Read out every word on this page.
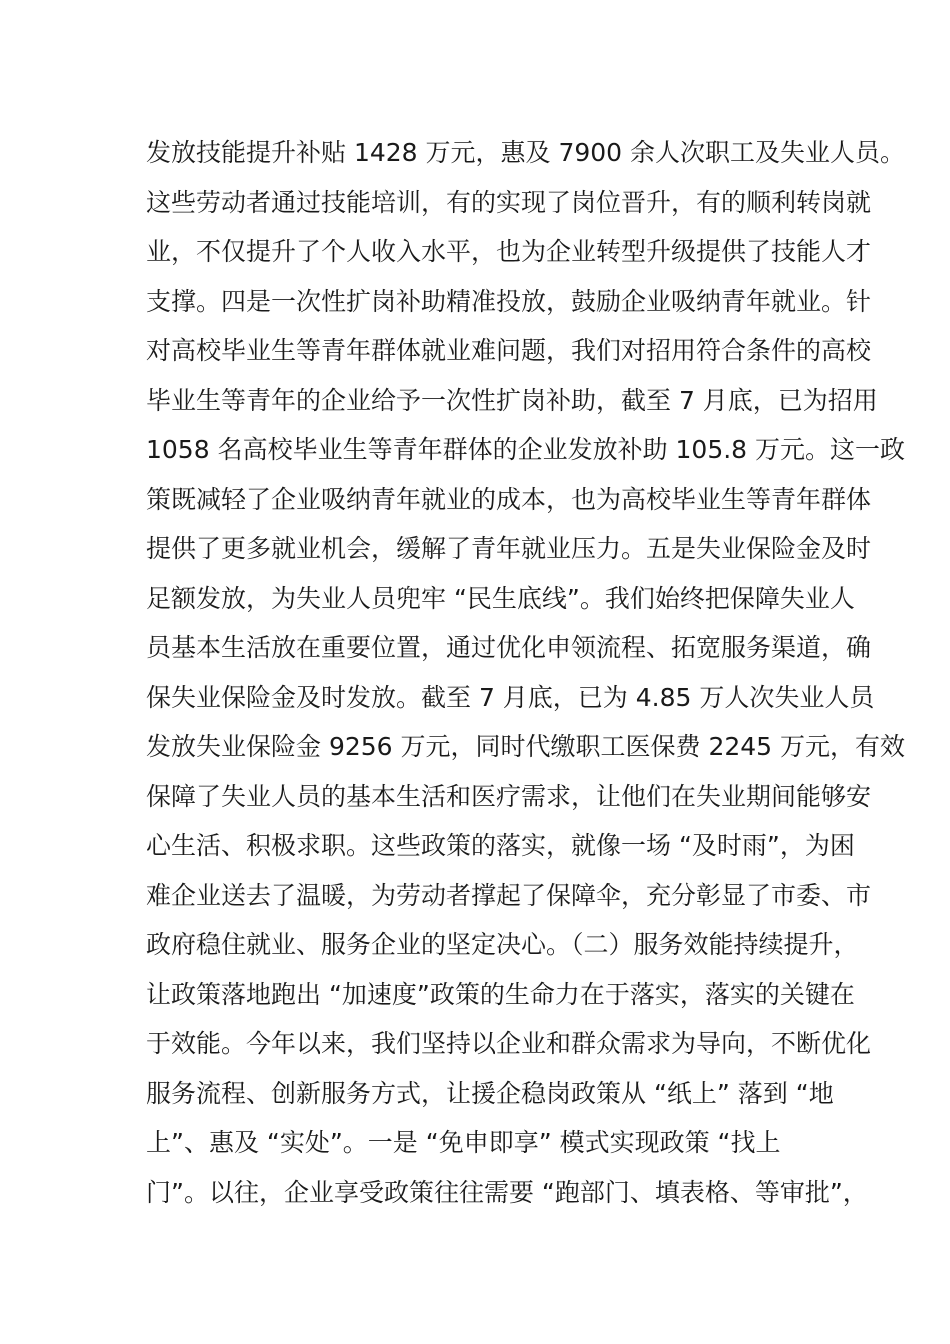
发放技能提升补贴 1428 万元，惠及 7900 余人次职工及失业人员。
这些劳动者通过技能培训，有的实现了岗位晋升，有的顺利转岗就
业，不仅提升了个人收入水平，也为企业转型升级提供了技能人才
支撑。四是一次性扩岗补助精准投放，鼓励企业吸纳青年就业。针
对高校毕业生等青年群体就业难问题，我们对招用符合条件的高校
毕业生等青年的企业给予一次性扩岗补助，截至 7 月底，已为招用
1058 名高校毕业生等青年群体的企业发放补助 105.8 万元。这一政
策既减轻了企业吸纳青年就业的成本，也为高校毕业生等青年群体
提供了更多就业机会，缓解了青年就业压力。五是失业保险金及时
足额发放，为失业人员兜牢 “民生底线”。我们始终把保障失业人
员基本生活放在重要位置，通过优化申领流程、拓宽服务渠道，确
保失业保险金及时发放。截至 7 月底，已为 4.85 万人次失业人员
发放失业保险金 9256 万元，同时代缴职工医保费 2245 万元，有效
保障了失业人员的基本生活和医疗需求，让他们在失业期间能够安
心生活、积极求职。这些政策的落实，就像一场 “及时雨”，为困
难企业送去了温暖，为劳动者撑起了保障伞，充分彰显了市委、市
政府稳住就业、服务企业的坚定决心。（二）服务效能持续提升，
让政策落地跑出 “加速度”政策的生命力在于落实，落实的关键在
于效能。今年以来，我们坚持以企业和群众需求为导向，不断优化
服务流程、创新服务方式，让援企稳岗政策从 “纸上” 落到 “地
上”、惠及 “实处”。一是 “免申即享” 模式实现政策 “找上
门”。以往，企业享受政策往往需要 “跑部门、填表格、等审批”，
